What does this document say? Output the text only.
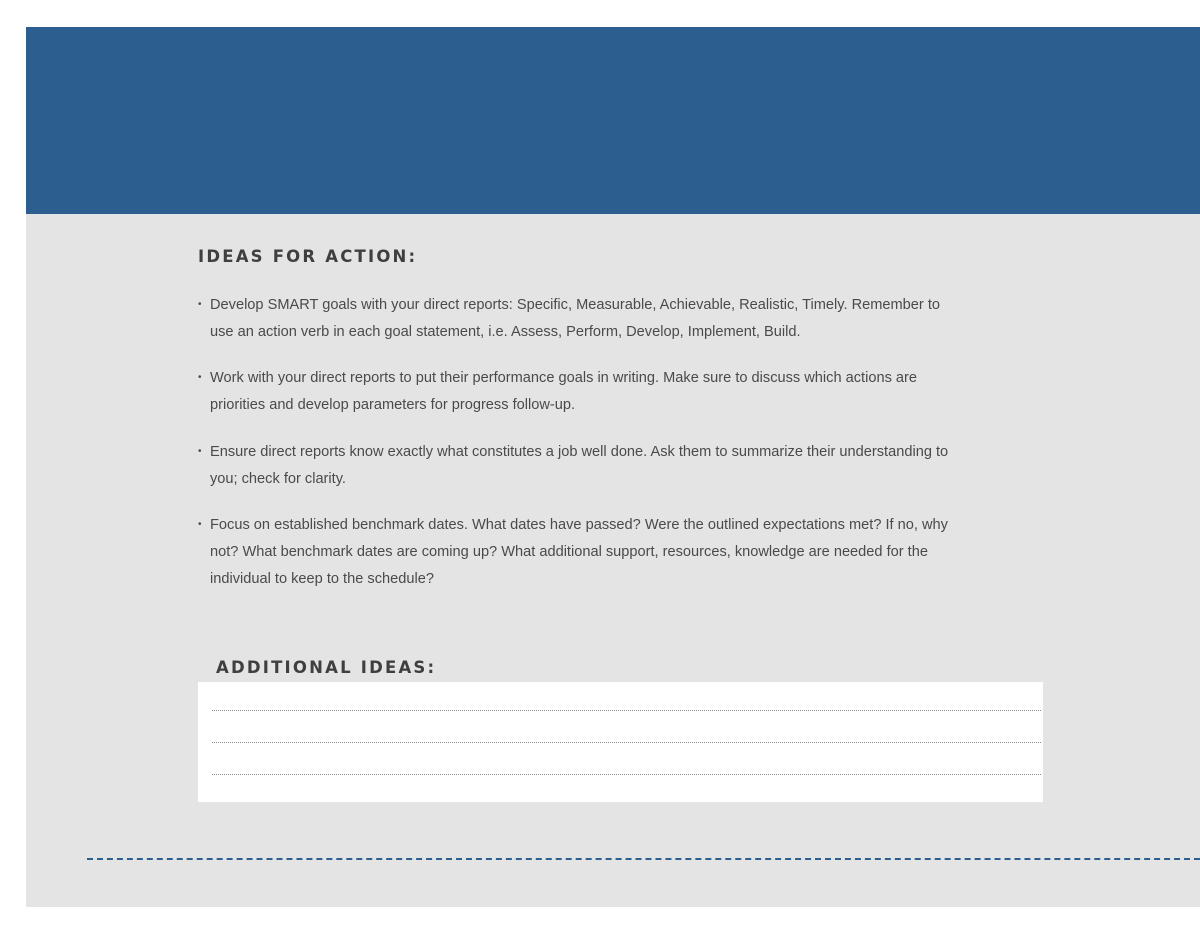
IDEAS FOR ACTION:
• Develop SMART goals with your direct reports: Specific, Measurable, Achievable, Realistic, Timely. Remember to use an action verb in each goal statement, i.e. Assess, Perform, Develop, Implement, Build.
• Work with your direct reports to put their performance goals in writing. Make sure to discuss which actions are priorities and develop parameters for progress follow-up.
• Ensure direct reports know exactly what constitutes a job well done. Ask them to summarize their understanding to you; check for clarity.
• Focus on established benchmark dates. What dates have passed? Were the outlined expectations met? If no, why not? What benchmark dates are coming up? What additional support, resources, knowledge are needed for the individual to keep to the schedule?
ADDITIONAL IDEAS:
